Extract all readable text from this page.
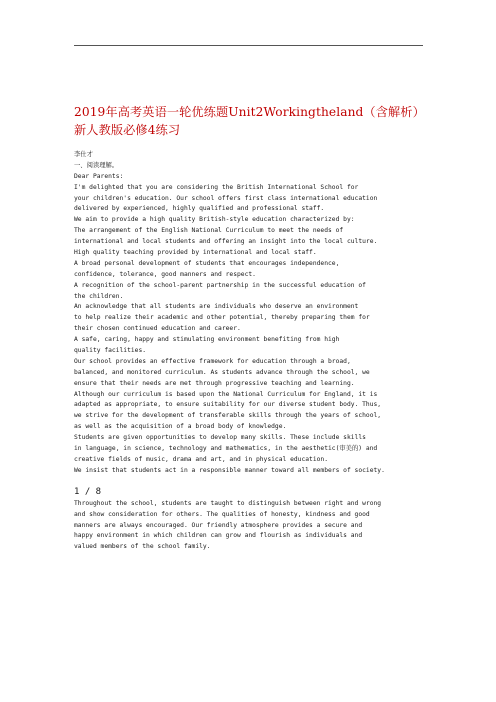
2019年高考英语一轮优练题Unit2Workingtheland（含解析）新人教版必修4练习
李仕才
一、阅读理解。
Dear Parents:
I'm delighted that you are considering the British International School for
your children's education. Our school offers first class international education
delivered by experienced, highly qualified and professional staff.
We aim to provide a high quality British-style education characterized by:
The arrangement of the English National Curriculum to meet the needs of
international and local students and offering an insight into the local culture.
High quality teaching provided by international and local staff.
A broad personal development of students that encourages independence,
confidence, tolerance, good manners and respect.
A recognition of the school-parent partnership in the successful education of
the children.
An acknowledge that all students are individuals who deserve an environment
to help realize their academic and other potential, thereby preparing them for
their chosen continued education and career.
A safe, caring, happy and stimulating environment benefiting from high
quality facilities.
Our school provides an effective framework for education through a broad,
balanced, and monitored curriculum. As students advance through the school, we
ensure that their needs are met through progressive teaching and learning.
Although our curriculum is based upon the National Curriculum for England, it is
adapted as appropriate, to ensure suitability for our diverse student body. Thus,
we strive for the development of transferable skills through the years of school,
as well as the acquisition of a broad body of knowledge.
Students are given opportunities to develop many skills. These include skills
in language, in science, technology and mathematics, in the aesthetic(审美的) and
creative fields of music, drama and art, and in physical education.
We insist that students act in a responsible manner toward all members of society.
1 / 8
Throughout the school, students are taught to distinguish between right and wrong
and show consideration for others. The qualities of honesty, kindness and good
manners are always encouraged. Our friendly atmosphere provides a secure and
happy environment in which children can grow and flourish as individuals and
valued members of the school family.
